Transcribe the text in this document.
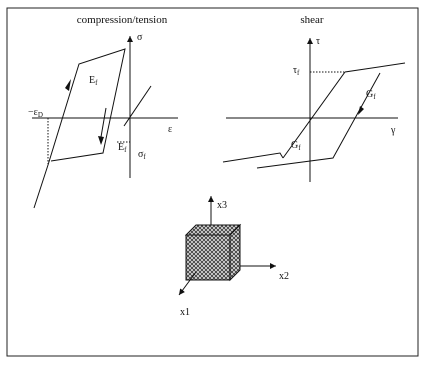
compression/tension
σ
ε
$-\varepsilon_D$
$E_f$
$E_f$ $\sigma_f$
shear
τ
γ
$\tau_f$
$G_f$
$G_f$
x3
x2
x1
